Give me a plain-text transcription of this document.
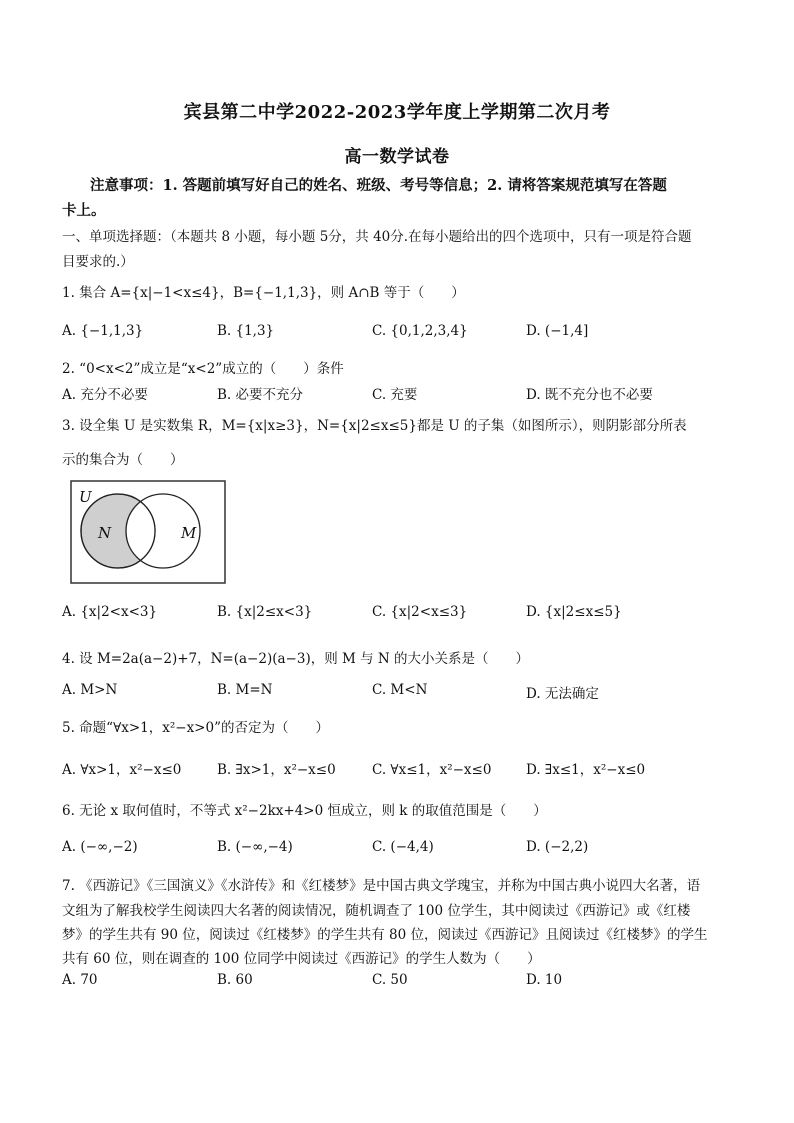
宾县第二中学2022-2023学年度上学期第二次月考
高一数学试卷
注意事项：1. 答题前填写好自己的姓名、班级、考号等信息；2. 请将答案规范填写在答题
卡上。
一、单项选择题：（本题共 8 小题，每小题 5分，共 40分.在每小题给出的四个选项中，只有一项是符合题
目要求的.）
1. 集合 A={x|−1<x≤4}，B={−1,1,3}，则 A∩B 等于（　　）
A. {−1,1,3}	B. {1,3}	C. {0,1,2,3,4}	D. (−1,4]
2. “0<x<2”成立是“x<2”成立的（　　）条件
A. 充分不必要	B. 必要不充分	C. 充要	D. 既不充分也不必要
3. 设全集 U 是实数集 R，M={x|x≥3}，N={x|2≤x≤5}都是 U 的子集（如图所示），则阴影部分所表
示的集合为（　　）
U
N	M
A. {x|2<x<3}	B. {x|2≤x<3}	C. {x|2<x≤3}	D. {x|2≤x≤5}
4. 设 M=2a(a−2)+7，N=(a−2)(a−3)，则 M 与 N 的大小关系是（　　）
A. M>N	B. M=N	C. M<N	D. 无法确定
5. 命题“∀x>1，x²−x>0”的否定为（　　）
A. ∀x>1，x²−x≤0	B. ∃x>1，x²−x≤0	C. ∀x≤1，x²−x≤0	D. ∃x≤1，x²−x≤0
6. 无论 x 取何值时，不等式 x²−2kx+4>0 恒成立，则 k 的取值范围是（　　）
A. (−∞,−2)	B. (−∞,−4)	C. (−4,4)	D. (−2,2)
7. 《西游记》《三国演义》《水浒传》和《红楼梦》是中国古典文学瑰宝，并称为中国古典小说四大名著，语
文组为了解我校学生阅读四大名著的阅读情况，随机调查了 100 位学生，其中阅读过《西游记》或《红楼
梦》的学生共有 90 位，阅读过《红楼梦》的学生共有 80 位，阅读过《西游记》且阅读过《红楼梦》的学生
共有 60 位，则在调查的 100 位同学中阅读过《西游记》的学生人数为（　　）
A. 70	B. 60	C. 50	D. 10
